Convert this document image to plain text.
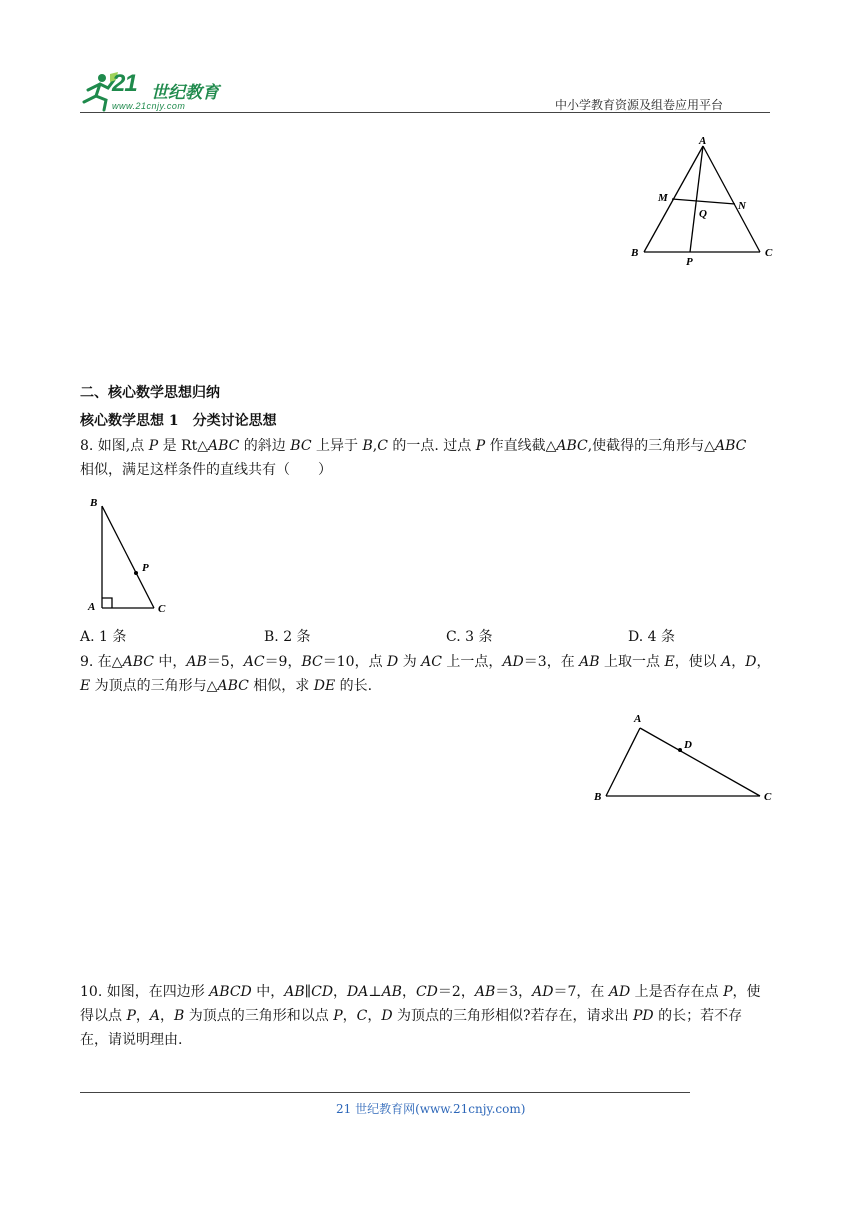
21 世纪教育
www.21cnjy.com	中小学教育资源及组卷应用平台
A
M
N
Q
B
P
C
二、核心数学思想归纳
核心数学思想 1　分类讨论思想
8. 如图,点 P 是 Rt△ABC 的斜边 BC 上异于 B,C 的一点. 过点 P 作直线截△ABC,使截得的三角形与△ABC
相似，满足这样条件的直线共有（　　）
B
P
A	C
A. 1 条	B. 2 条	C. 3 条	D. 4 条
9. 在△ABC 中，AB＝5，AC＝9，BC＝10，点 D 为 AC 上一点，AD＝3，在 AB 上取一点 E，使以 A，D，
E 为顶点的三角形与△ABC 相似，求 DE 的长.
A
D
B	C
10. 如图，在四边形 ABCD 中，AB∥CD，DA⊥AB，CD＝2，AB＝3，AD＝7，在 AD 上是否存在点 P，使
得以点 P，A，B 为顶点的三角形和以点 P，C，D 为顶点的三角形相似?若存在，请求出 PD 的长；若不存
在，请说明理由.
21 世纪教育网(www.21cnjy.com)
